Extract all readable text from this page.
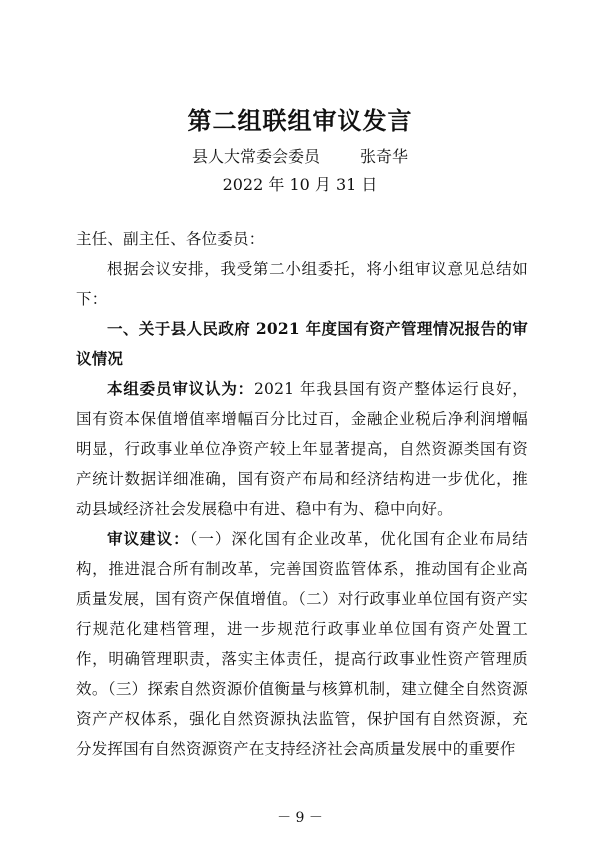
第二组联组审议发言
县人大常委会委员	张奇华
2022 年 10 月 31 日

主任、副主任、各位委员：

根据会议安排，我受第二小组委托，将小组审议意见总结如下：

一、关于县人民政府 2021 年度国有资产管理情况报告的审议情况

本组委员审议认为：2021 年我县国有资产整体运行良好，国有资本保值增值率增幅百分比过百，金融企业税后净利润增幅明显，行政事业单位净资产较上年显著提高，自然资源类国有资产统计数据详细准确，国有资产布局和经济结构进一步优化，推动县域经济社会发展稳中有进、稳中有为、稳中向好。

审议建议：（一）深化国有企业改革，优化国有企业布局结构，推进混合所有制改革，完善国资监管体系，推动国有企业高质量发展，国有资产保值增值。（二）对行政事业单位国有资产实行规范化建档管理，进一步规范行政事业单位国有资产处置工作，明确管理职责，落实主体责任，提高行政事业性资产管理质效。（三）探索自然资源价值衡量与核算机制，建立健全自然资源资产产权体系，强化自然资源执法监管，保护国有自然资源，充分发挥国有自然资源资产在支持经济社会高质量发展中的重要作

－ 9 －
